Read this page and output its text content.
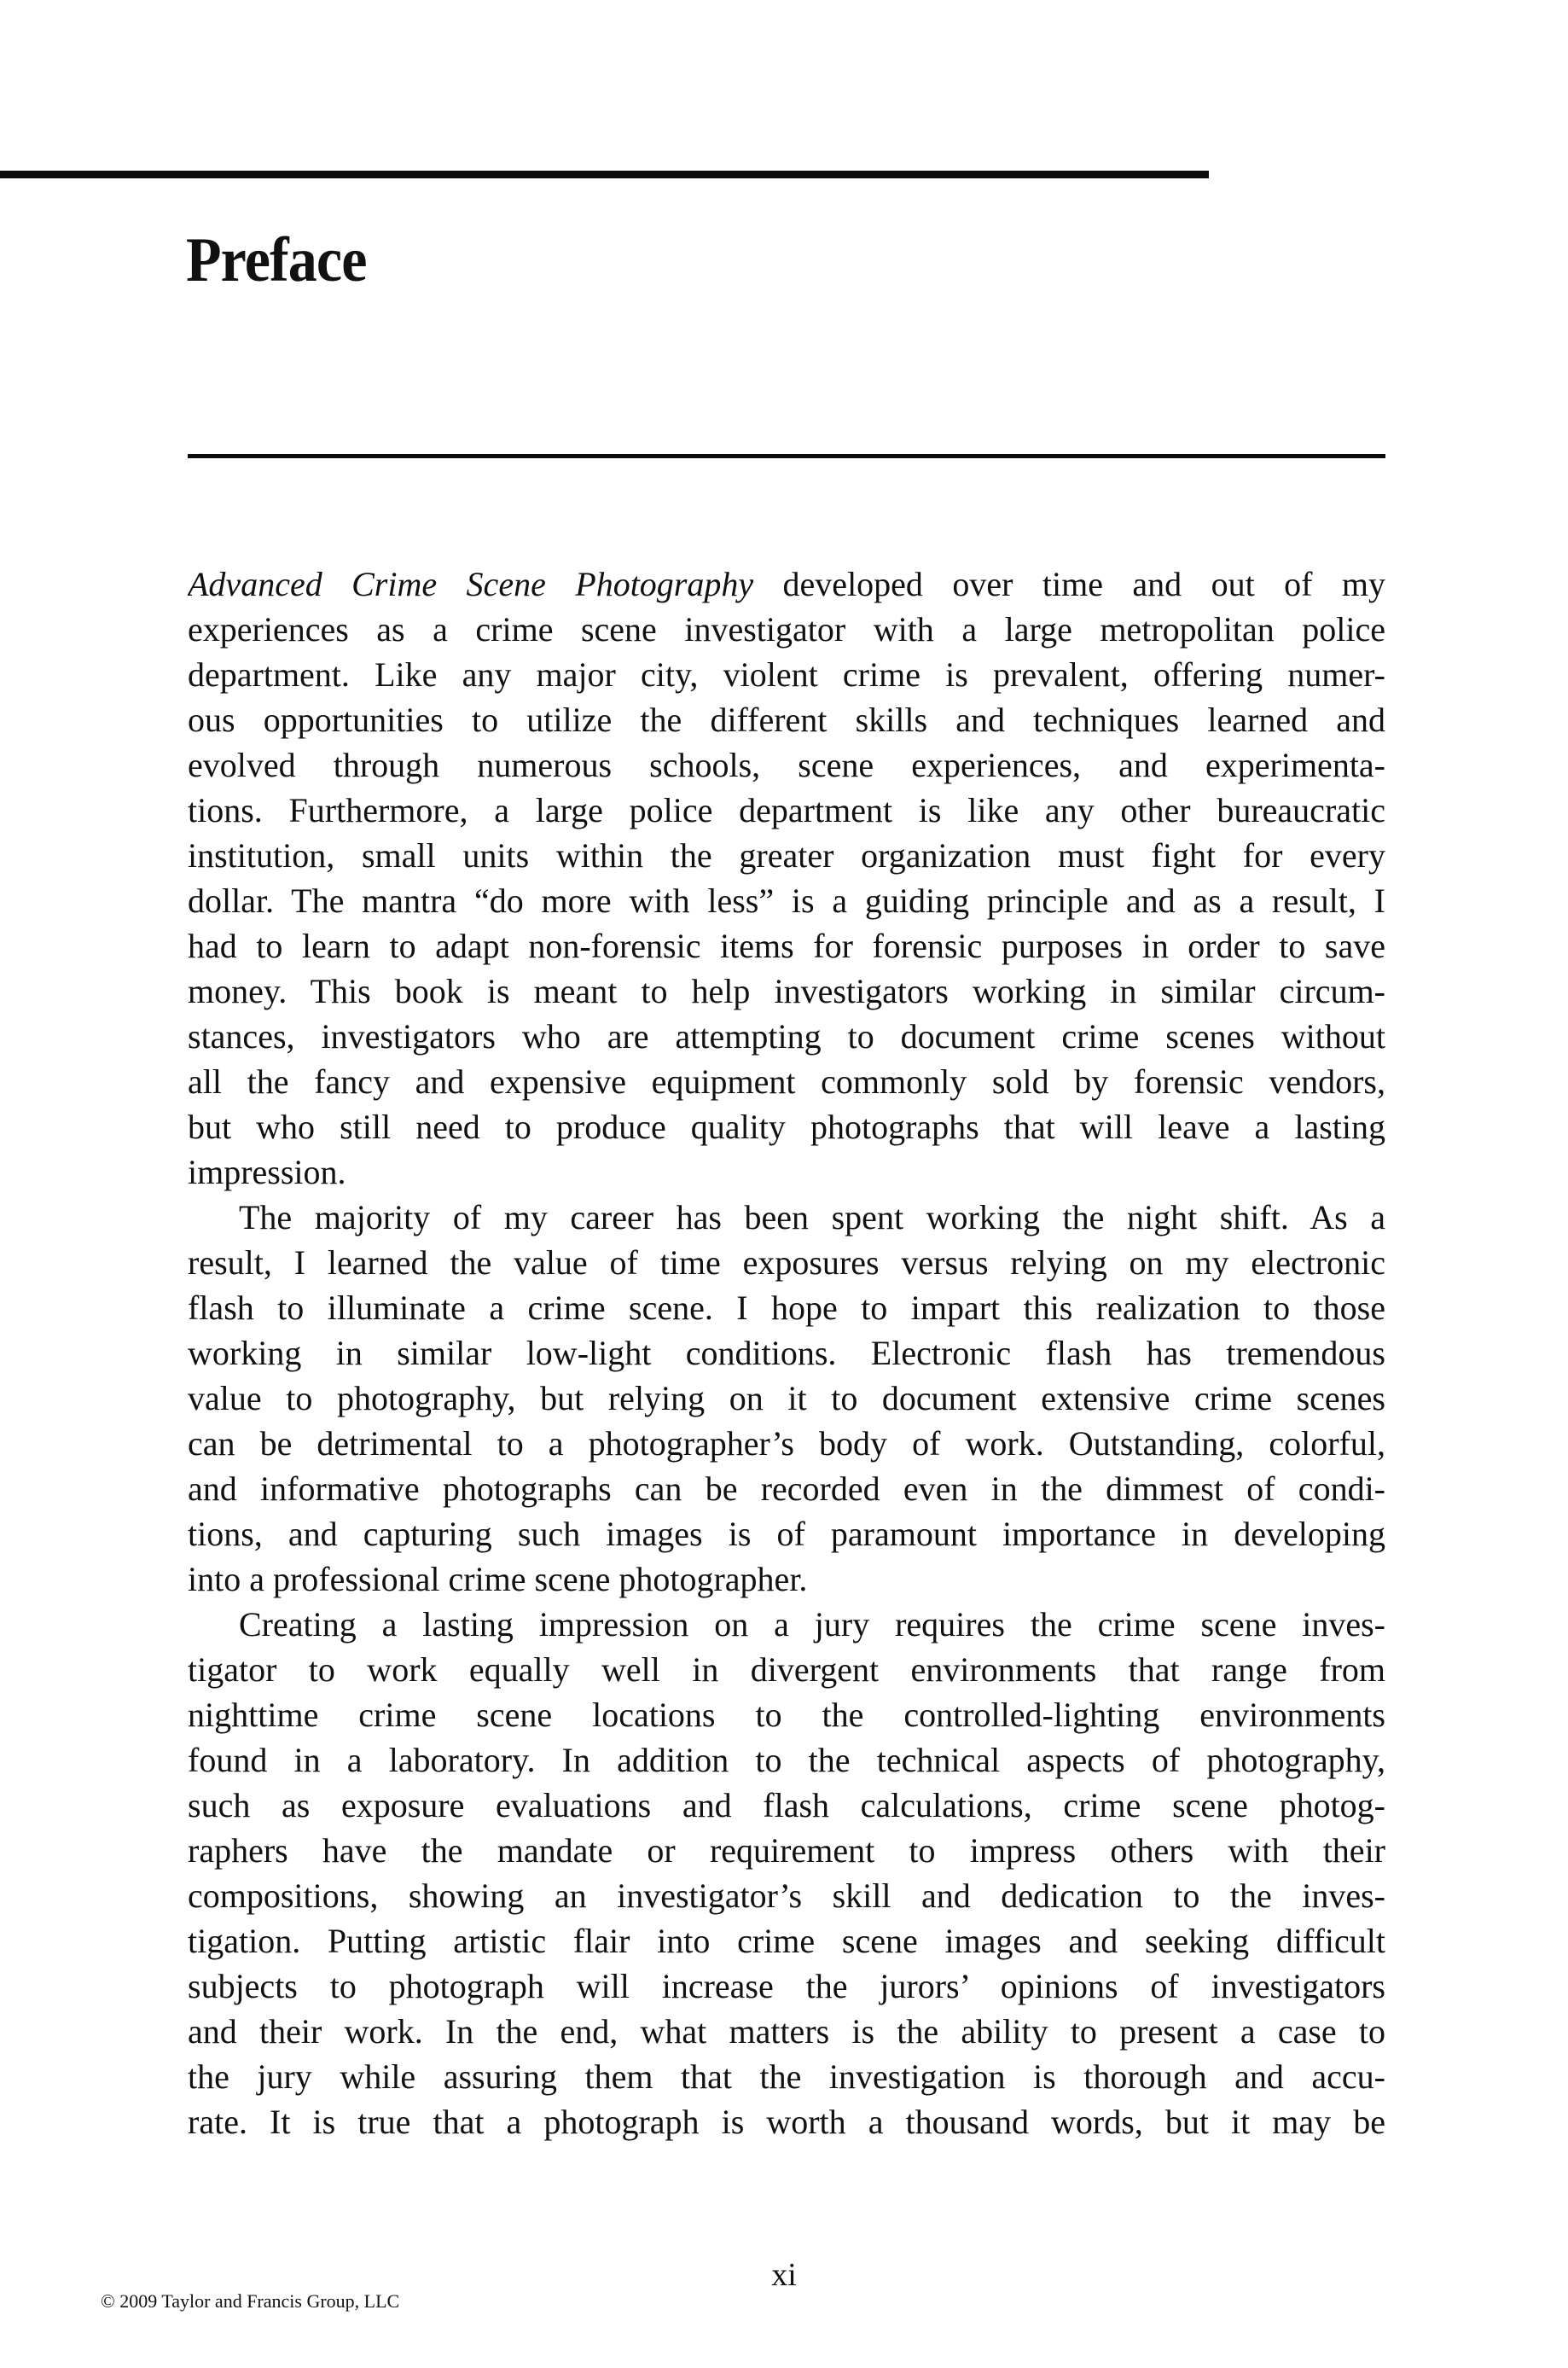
Preface
Advanced Crime Scene Photography developed over time and out of my
experiences as a crime scene investigator with a large metropolitan police
department. Like any major city, violent crime is prevalent, offering numer-
ous opportunities to utilize the different skills and techniques learned and
evolved through numerous schools, scene experiences, and experimenta-
tions. Furthermore, a large police department is like any other bureaucratic
institution, small units within the greater organization must fight for every
dollar. The mantra “do more with less” is a guiding principle and as a result, I
had to learn to adapt non-forensic items for forensic purposes in order to save
money. This book is meant to help investigators working in similar circum-
stances, investigators who are attempting to document crime scenes without
all the fancy and expensive equipment commonly sold by forensic vendors,
but who still need to produce quality photographs that will leave a lasting
impression.
The majority of my career has been spent working the night shift. As a
result, I learned the value of time exposures versus relying on my electronic
flash to illuminate a crime scene. I hope to impart this realization to those
working in similar low-light conditions. Electronic flash has tremendous
value to photography, but relying on it to document extensive crime scenes
can be detrimental to a photographer’s body of work. Outstanding, colorful,
and informative photographs can be recorded even in the dimmest of condi-
tions, and capturing such images is of paramount importance in developing
into a professional crime scene photographer.
Creating a lasting impression on a jury requires the crime scene inves-
tigator to work equally well in divergent environments that range from
nighttime crime scene locations to the controlled-lighting environments
found in a laboratory. In addition to the technical aspects of photography,
such as exposure evaluations and flash calculations, crime scene photog-
raphers have the mandate or requirement to impress others with their
compositions, showing an investigator’s skill and dedication to the inves-
tigation. Putting artistic flair into crime scene images and seeking difficult
subjects to photograph will increase the jurors’ opinions of investigators
and their work. In the end, what matters is the ability to present a case to
the jury while assuring them that the investigation is thorough and accu-
rate. It is true that a photograph is worth a thousand words, but it may be
xi
© 2009 Taylor and Francis Group, LLC
